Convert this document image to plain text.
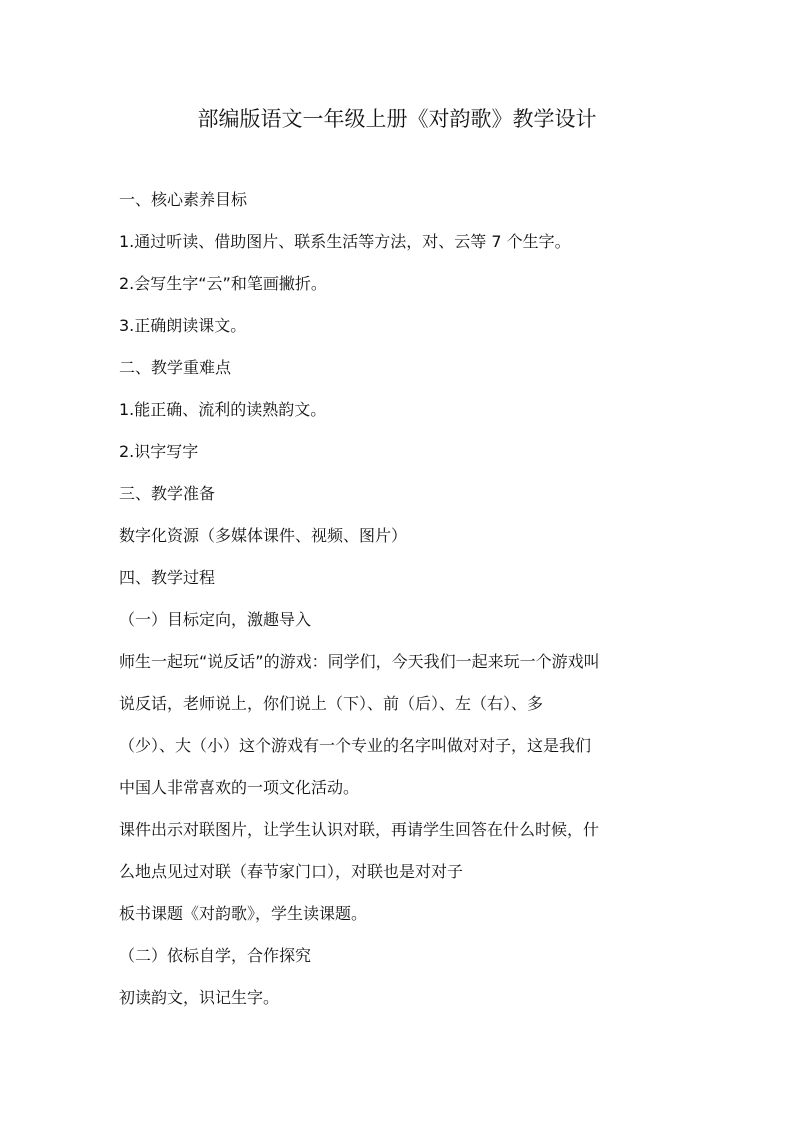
部编版语文一年级上册《对韵歌》教学设计
一、核心素养目标
1.通过听读、借助图片、联系生活等方法，对、云等 7 个生字。
2.会写生字“云”和笔画撇折。
3.正确朗读课文。
二、教学重难点
1.能正确、流利的读熟韵文。
2.识字写字
三、教学准备
数字化资源（多媒体课件、视频、图片）
四、教学过程
（一）目标定向，激趣导入
师生一起玩“说反话”的游戏：同学们，今天我们一起来玩一个游戏叫
说反话，老师说上，你们说上（下）、前（后）、左（右）、多
（少）、大（小）这个游戏有一个专业的名字叫做对对子，这是我们
中国人非常喜欢的一项文化活动。
课件出示对联图片，让学生认识对联，再请学生回答在什么时候，什
么地点见过对联（春节家门口），对联也是对对子
板书课题《对韵歌》，学生读课题。
（二）依标自学，合作探究
初读韵文，识记生字。
